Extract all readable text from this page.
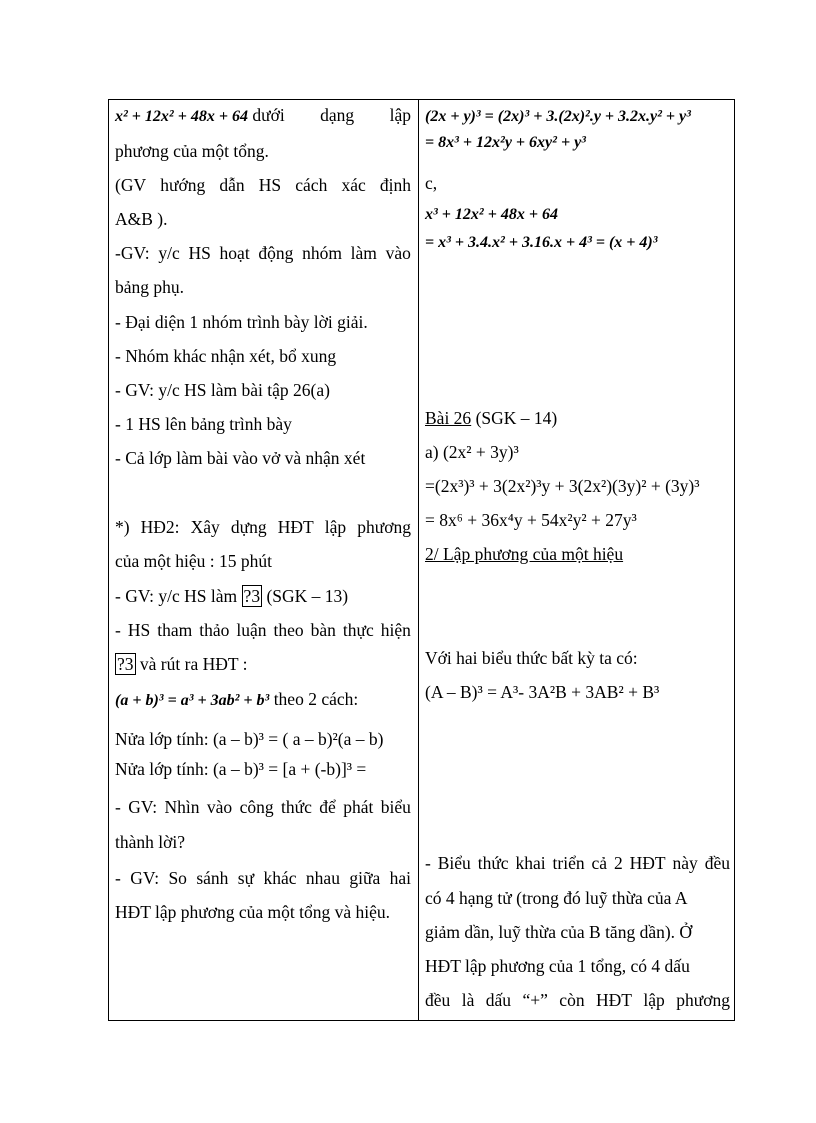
x² + 12x² + 48x + 64 dưới dạng lập
phương của một tổng.
(GV hướng dẫn HS cách xác định
A&B ).
-GV: y/c HS hoạt động nhóm làm vào
bảng phụ.
- Đại diện 1 nhóm trình bày lời giải.
- Nhóm khác nhận xét, bổ xung
- GV: y/c HS làm bài tập 26(a)
- 1 HS lên bảng trình bày
- Cả lớp làm bài vào vở và nhận xét
*) HĐ2: Xây dựng HĐT lập phương
của một hiệu : 15 phút
- GV: y/c HS làm ?3 (SGK – 13)
- HS tham thảo luận theo bàn thực hiện
?3 và rút ra HĐT :
(a + b)³ = a³ + 3ab² + b³ theo 2 cách:
Nửa lớp tính: (a – b)³ = ( a – b)²(a – b)
Nửa lớp tính: (a – b)³ = [a + (-b)]³ =
- GV: Nhìn vào công thức để phát biểu
thành lời?
- GV: So sánh sự khác nhau giữa hai
HĐT lập phương của một tổng và hiệu.
(2x + y)³ = (2x)³ + 3.(2x)².y + 3.2x.y² + y³
= 8x³ + 12x²y + 6xy² + y³
c,
x³ + 12x² + 48x + 64
= x³ + 3.4.x² + 3.16.x + 4³ = (x + 4)³
Bài 26 (SGK – 14)
a) (2x² + 3y)³
=(2x³)³ + 3(2x²)³y + 3(2x²)(3y)² + (3y)³
= 8x⁶ + 36x⁴y + 54x²y² + 27y³
2/ Lập phương của một hiệu
Với hai biểu thức bất kỳ ta có:
(A – B)³ = A³- 3A²B + 3AB² + B³
- Biểu thức khai triển cả 2 HĐT này đều
có 4 hạng tử (trong đó luỹ thừa của A
giảm dần, luỹ thừa của B tăng dần). Ở
HĐT lập phương của 1 tổng, có 4 dấu
đều là dấu “+” còn HĐT lập phương
